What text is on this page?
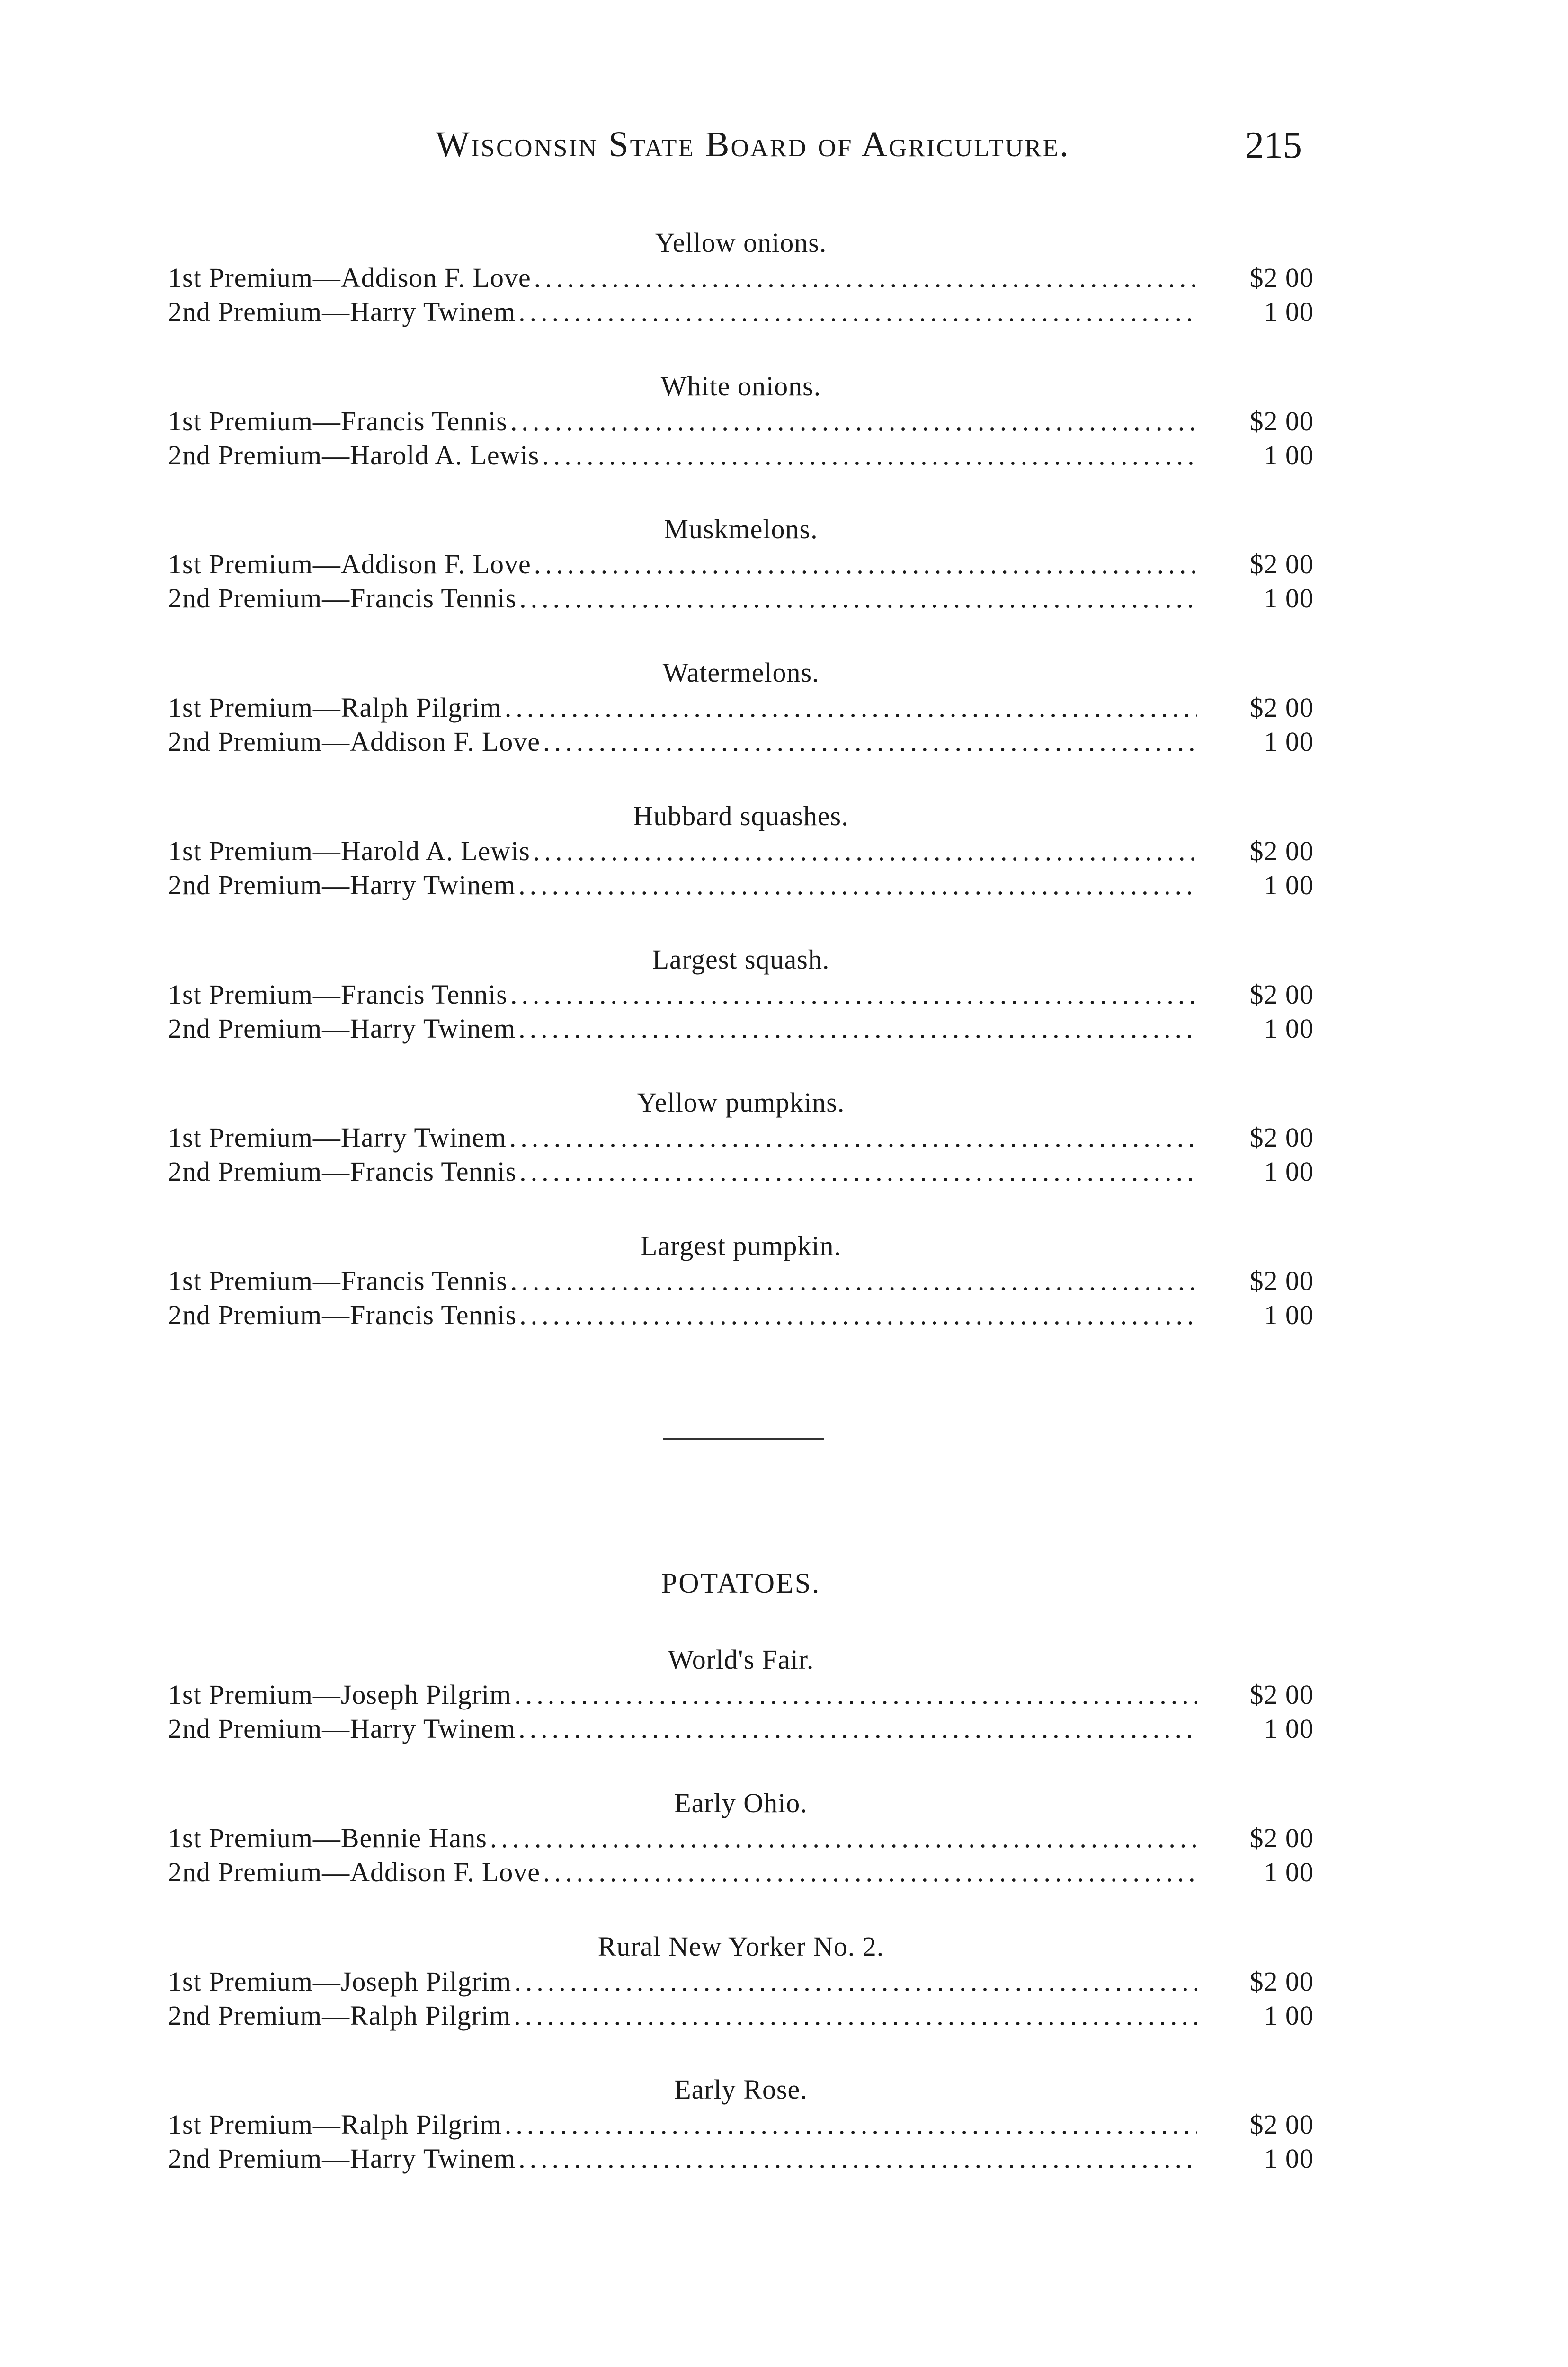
Wisconsin State Board of Agriculture.	215
Yellow onions.
1st Premium—Addison F. Love .....	$2 00
2nd Premium—Harry Twinem .....	1 00
White onions.
1st Premium—Francis Tennis .....	$2 00
2nd Premium—Harold A. Lewis .....	1 00
Muskmelons.
1st Premium—Addison F. Love .....	$2 00
2nd Premium—Francis Tennis .....	1 00
Watermelons.
1st Premium—Ralph Pilgrim .....	$2 00
2nd Premium—Addison F. Love .....	1 00
Hubbard squashes.
1st Premium—Harold A. Lewis .....	$2 00
2nd Premium—Harry Twinem .....	1 00
Largest squash.
1st Premium—Francis Tennis .....	$2 00
2nd Premium—Harry Twinem .....	1 00
Yellow pumpkins.
1st Premium—Harry Twinem .....	$2 00
2nd Premium—Francis Tennis .....	1 00
Largest pumpkin.
1st Premium—Francis Tennis .....	$2 00
2nd Premium—Francis Tennis .....	1 00
POTATOES.
World's Fair.
1st Premium—Joseph Pilgrim .....	$2 00
2nd Premium—Harry Twinem .....	1 00
Early Ohio.
1st Premium—Bennie Hans .....	$2 00
2nd Premium—Addison F. Love .....	1 00
Rural New Yorker No. 2.
1st Premium—Joseph Pilgrim .....	$2 00
2nd Premium—Ralph Pilgrim .....	1 00
Early Rose.
1st Premium—Ralph Pilgrim .....	$2 00
2nd Premium—Harry Twinem .....	1 00
